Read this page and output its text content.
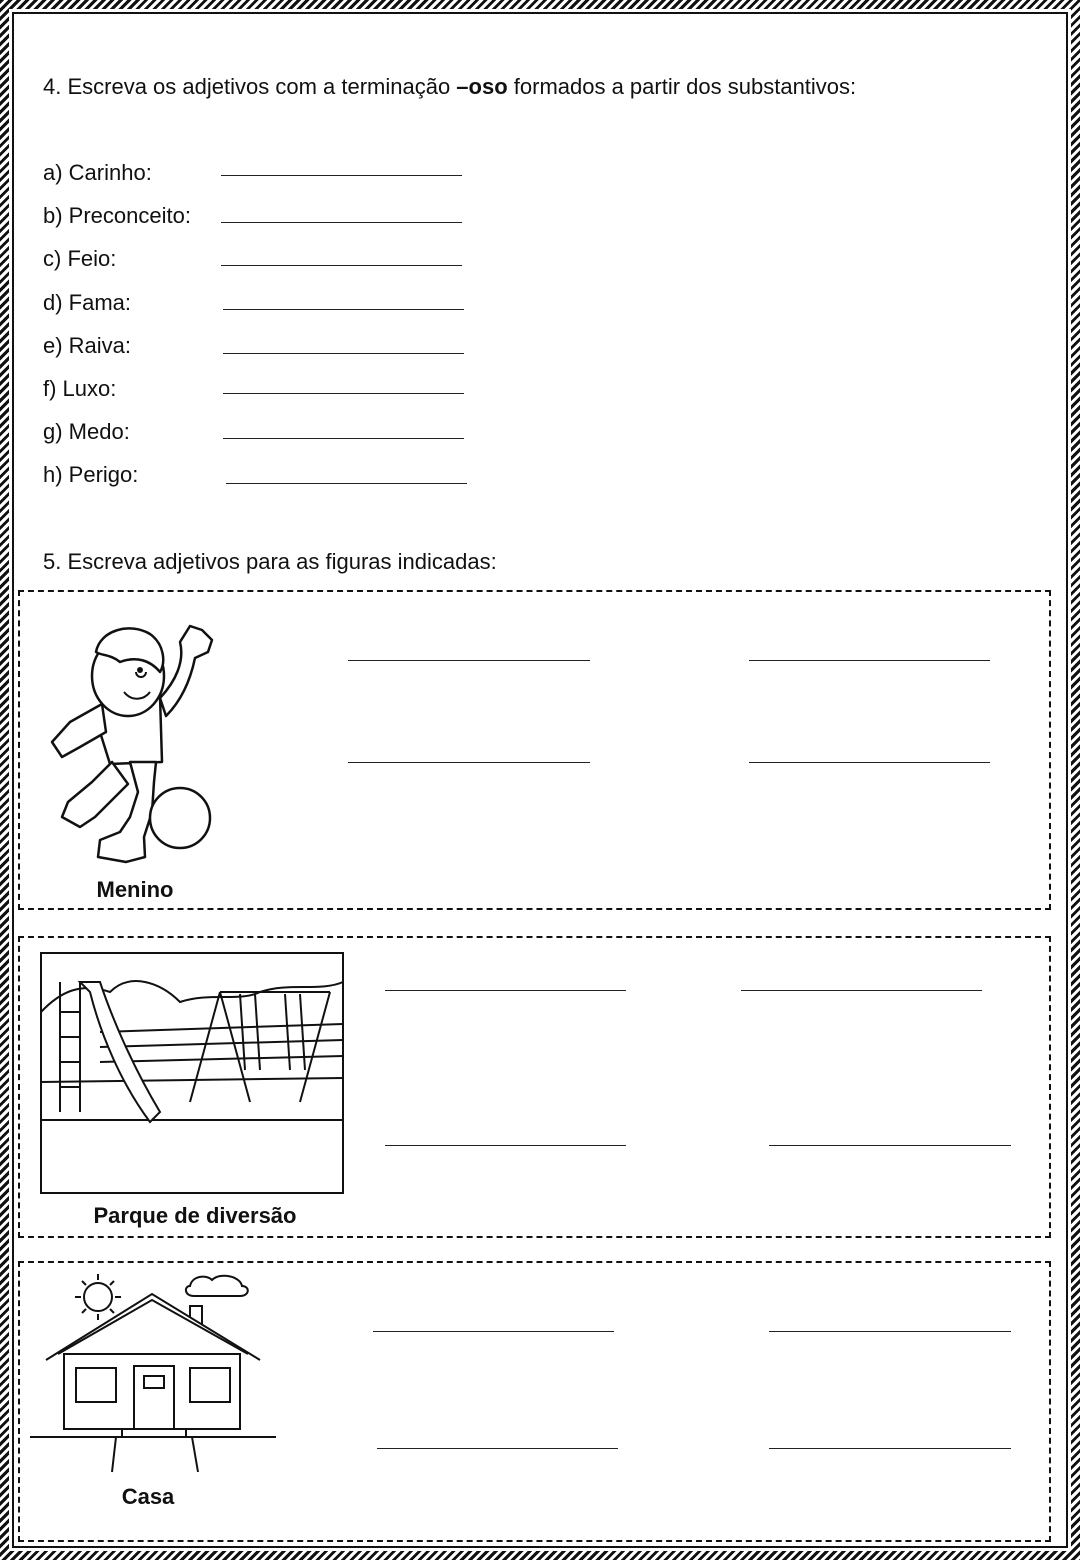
4. Escreva os adjetivos com a terminação –oso formados a partir dos substantivos:
a) Carinho:
b) Preconceito:
c) Feio:
d) Fama:
e) Raiva:
f) Luxo:
g) Medo:
h) Perigo:
5. Escreva adjetivos para as figuras indicadas:
Menino
Parque de diversão
Casa
